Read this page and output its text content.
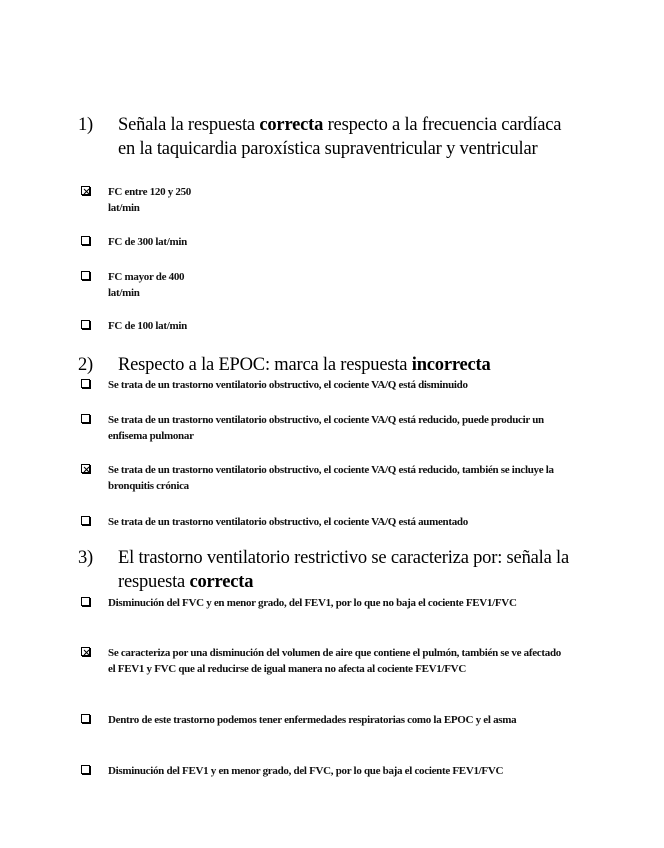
1) Señala la respuesta correcta respecto a la frecuencia cardíaca en la taquicardia paroxística supraventricular y ventricular
FC entre 120 y 250 lat/min
FC de 300 lat/min
FC mayor de 400 lat/min
FC de 100 lat/min
2) Respecto a la EPOC: marca la respuesta incorrecta
Se trata de un trastorno ventilatorio obstructivo, el cociente VA/Q está disminuido
Se trata de un trastorno ventilatorio obstructivo, el cociente VA/Q está reducido, puede producir un enfisema pulmonar
Se trata de un trastorno ventilatorio obstructivo, el cociente VA/Q está reducido, también se incluye la bronquitis crónica
Se trata de un trastorno ventilatorio obstructivo, el cociente VA/Q está aumentado
3) El trastorno ventilatorio restrictivo se caracteriza por: señala la respuesta correcta
Disminución del FVC y en menor grado, del FEV1, por lo que no baja el cociente FEV1/FVC
Se caracteriza por una disminución del volumen de aire que contiene el pulmón, también se ve afectado el FEV1 y FVC que al reducirse de igual manera no afecta al cociente FEV1/FVC
Dentro de este trastorno podemos tener enfermedades respiratorias como la EPOC y el asma
Disminución del FEV1 y en menor grado, del FVC, por lo que baja el cociente FEV1/FVC
